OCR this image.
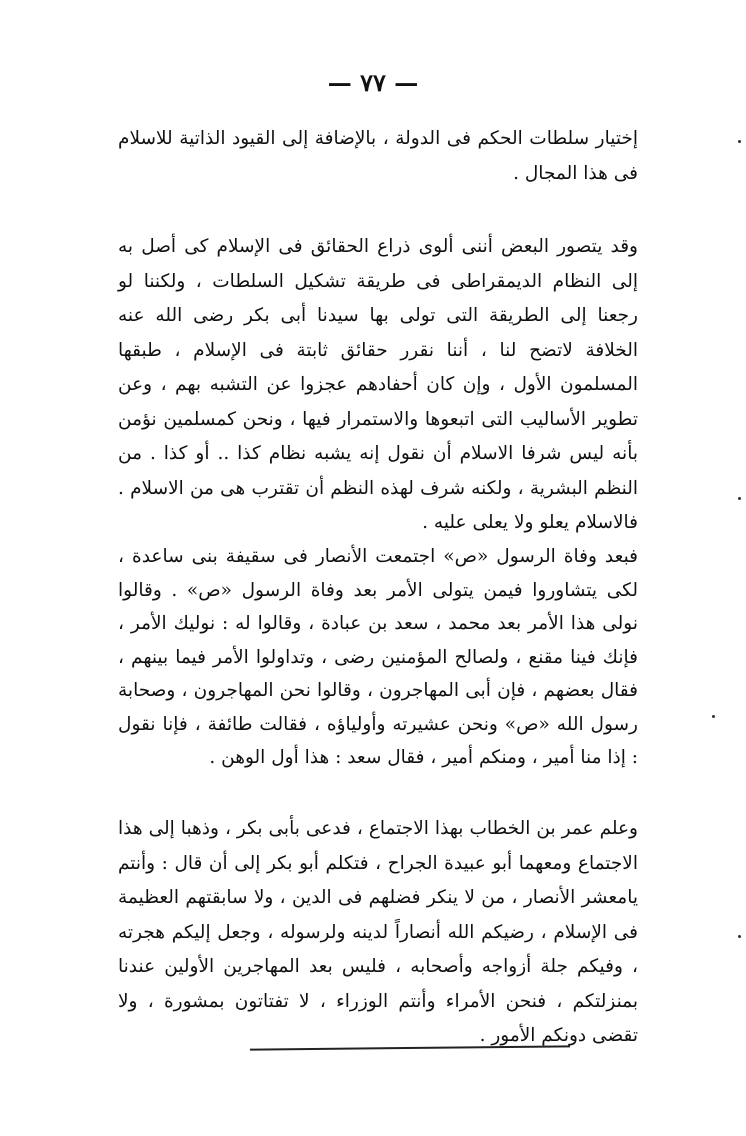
— ٧٧ —

إختيار سلطات الحكم فى الدولة ، بالإضافة إلى القيود الذاتية للاسلام فى هذا المجال .

وقد يتصور البعض أننى ألوى ذراع الحقائق فى الإسلام كى أصل به إلى النظام الديمقراطى فى طريقة تشكيل السلطات ، ولكننا لو رجعنا إلى الطريقة التى تولى بها سيدنا أبى بكر رضى الله عنه الخلافة لاتضح لنا ، أننا نقرر حقائق ثابتة فى الإسلام ، طبقها المسلمون الأول ، وإن كان أحفادهم عجزوا عن التشبه بهم ، وعن تطوير الأساليب التى اتبعوها والاستمرار فيها ، ونحن كمسلمين نؤمن بأنه ليس شرفا الاسلام أن نقول إنه يشبه نظام كذا .. أو كذا . من النظم البشرية ، ولكنه شرف لهذه النظم أن تقترب هى من الاسلام . فالاسلام يعلو ولا يعلى عليه .

فبعد وفاة الرسول «ص» اجتمعت الأنصار فى سقيفة بنى ساعدة ، لكى يتشاوروا فيمن يتولى الأمر بعد وفاة الرسول «ص» . وقالوا نولى هذا الأمر بعد محمد ، سعد بن عبادة ، وقالوا له : نوليك الأمر ، فإنك فينا مقنع ، ولصالح المؤمنين رضى ، وتداولوا الأمر فيما بينهم ، فقال بعضهم ، فإن أبى المهاجرون ، وقالوا نحن المهاجرون ، وصحابة رسول الله «ص» ونحن عشيرته وأولياؤه ، فقالت طائفة ، فإنا نقول : إذا منا أمير ، ومنكم أمير ، فقال سعد : هذا أول الوهن .

وعلم عمر بن الخطاب بهذا الاجتماع ، فدعى بأبى بكر ، وذهبا إلى هذا الاجتماع ومعهما أبو عبيدة الجراح ، فتكلم أبو بكر إلى أن قال : وأنتم يامعشر الأنصار ، من لا ينكر فضلهم فى الدين ، ولا سابقتهم العظيمة فى الإسلام ، رضيكم الله أنصاراً لدينه ولرسوله ، وجعل إليكم هجرته ، وفيكم جلة أزواجه وأصحابه ، فليس بعد المهاجرين الأولين عندنا بمنزلتكم ، فنحن الأمراء وأنتم الوزراء ، لا تفتاتون بمشورة ، ولا تقضى دونكم الأمور .
